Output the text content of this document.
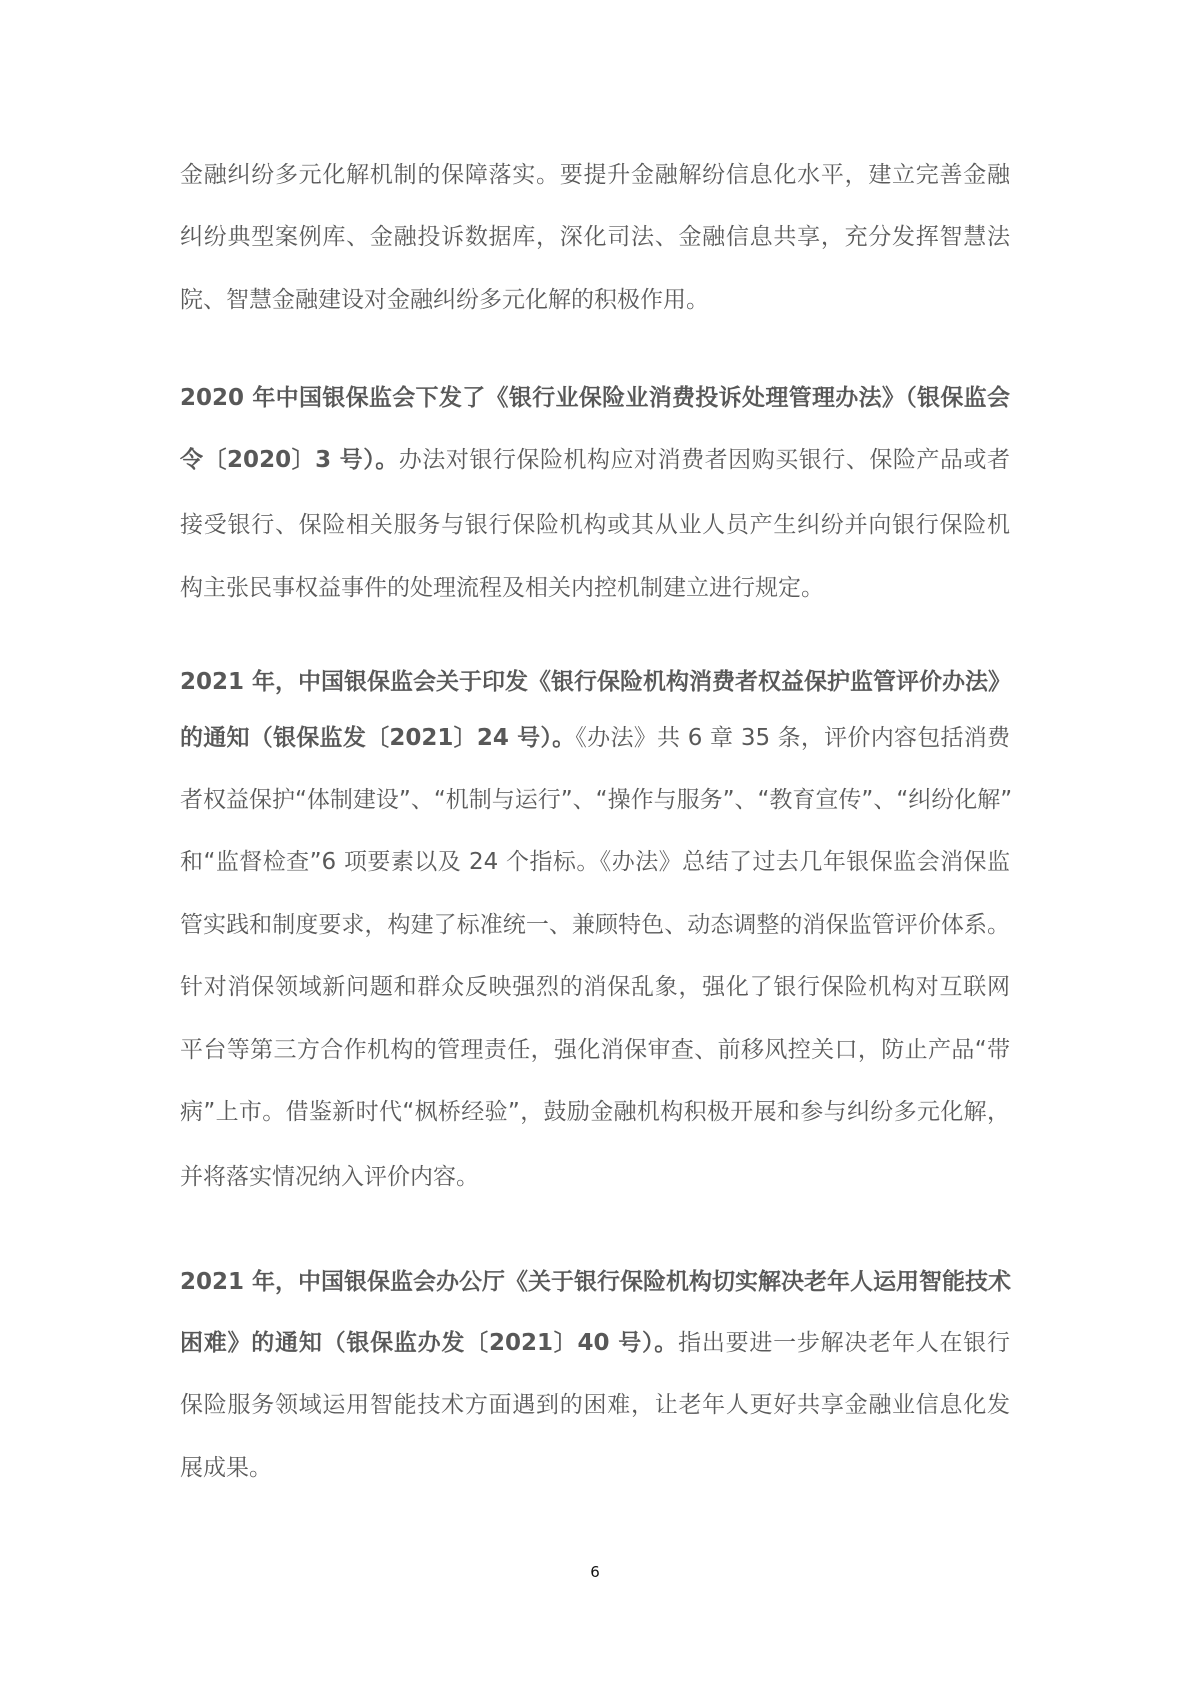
金融纠纷多元化解机制的保障落实。要提升金融解纷信息化水平，建立完善金融
纠纷典型案例库、金融投诉数据库，深化司法、金融信息共享，充分发挥智慧法
院、智慧金融建设对金融纠纷多元化解的积极作用。
2020 年中国银保监会下发了《银行业保险业消费投诉处理管理办法》（银保监会
令〔2020〕3 号）。办法对银行保险机构应对消费者因购买银行、保险产品或者
接受银行、保险相关服务与银行保险机构或其从业人员产生纠纷并向银行保险机
构主张民事权益事件的处理流程及相关内控机制建立进行规定。
2021 年，中国银保监会关于印发《银行保险机构消费者权益保护监管评价办法》
的通知（银保监发〔2021〕24 号）。《办法》共 6 章 35 条，评价内容包括消费
者权益保护“体制建设”、“机制与运行”、“操作与服务”、“教育宣传”、“纠纷化解”
和“监督检查”6 项要素以及 24 个指标。《办法》总结了过去几年银保监会消保监
管实践和制度要求，构建了标准统一、兼顾特色、动态调整的消保监管评价体系。
针对消保领域新问题和群众反映强烈的消保乱象，强化了银行保险机构对互联网
平台等第三方合作机构的管理责任，强化消保审查、前移风控关口，防止产品“带
病”上市。借鉴新时代“枫桥经验”，鼓励金融机构积极开展和参与纠纷多元化解，
并将落实情况纳入评价内容。
2021 年，中国银保监会办公厅《关于银行保险机构切实解决老年人运用智能技术
困难》的通知（银保监办发〔2021〕40 号）。指出要进一步解决老年人在银行
保险服务领域运用智能技术方面遇到的困难，让老年人更好共享金融业信息化发
展成果。
6
